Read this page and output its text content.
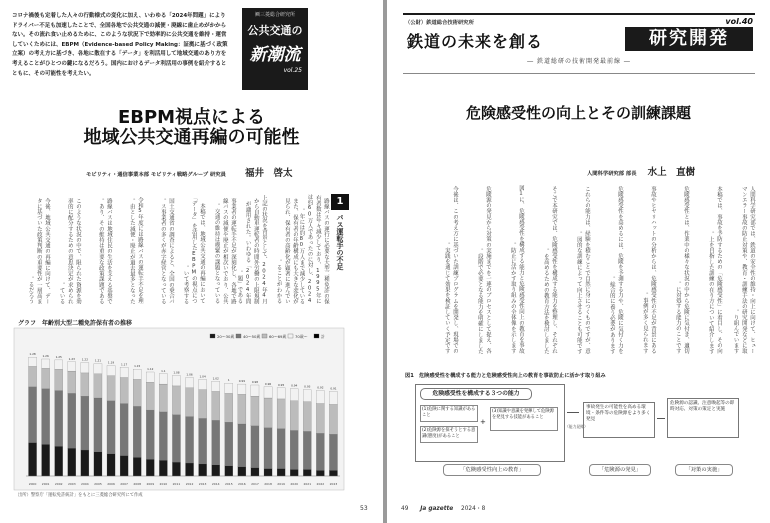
コロナ禍後も定着した人々の行動様式の変化に加え、いわゆる「2024年問題」によりドライバー不足も加速したことで、全国各地で公共交通の減便・廃線に歯止めがかからない。その流れ食い止めるために、このような状況下で効率的に公共交通を維持・運営していくためには、EBPM（Evidence-based Policy Making：証拠に基づく政策立案）の考え方に基づき、各地に散在する「データ」を利活用して地域交通のあり方を考えることがひとつの鍵になるだろう。国内におけるデータ利活用の事例を紹介するとともに、その可能性を考えたい。
㈱三菱総合研究所
公共交通の
新潮流
vol.25
EBPM視点による
地域公共交通再編の可能性
モビリティ・通信事業本部 モビリティ戦略グループ 研究員 福井　啓太
路線バスの運行に必要な大型二種免許の保有者数は年々減少しており、1995年には約60万人であったのに対し、2024年には約80万人まで減少している。また、保有者の年齢構成にも大きな変化が見られ、保有者の高齢化が顕著に進んでいることがわかる。上記の状況を背景として、2024年4月から自動車運転者の時間外労働の上限規制が適用された。いわゆる「2024年問題」である。事業者の運転手不足が深刻化し、各地で路線バスの減便や廃止が相次いでおり、公共交通の維持は喫緊の課題となっている。本稿では、地域公共交通の再編において「データ」を活用したEBPMの視点について考察する。国土交通省の調査によると、全国の乗合バス事業者の多くが赤字経営となっている。令和5年度には路線バスの運転手不足を理由とした減便・廃止が過去最多となった。路線バスは地域住民の生活を支える基盤であり、その維持は重要な政策課題である。このような状況の中で、限られた資源を効率的に配分するための意思決定が求められている。今後、地域公共交通の再編に向けて、データに基づいた政策判断の重要性が一層高まるだろう。
1
バス運転手の不足
グラフ　年齢別大型二種免許保有者の推移
20～30歳 40～50歳 60～69歳 70歳～	計
1.28
2000
1.26
2001
1.25
2002
1.23
2003
1.22
2004
1.21
2005
1.19
2006
1.17
2007
1.15
2008
1.12
2009
1.1
2010
1.08
2011
1.06
2012
1.04
2013
1.02
2014
1
2015
0.99
2016
0.98
2017
0.96
2018
0.95
2019
0.94
2020
0.93
2021
0.92
2022
0.91
2023
出所）警察庁「運転免許統計」をもとに三菱総合研究所にて作成
53
（公財）鉄道総合技術研究所	vol.40
鉄道の未来を創る	研究開発
― 鉄道総研の技術開発最前線 ―
危険感受性の向上とその訓練課題
人間科学研究部 部長 水上　直樹
人間科学研究部では、鉄道の安全性の維持・向上に向けて、ヒューマンエラー事故の防止対策や、教育・訓練手法の研究開発などに取り組んでいます。本稿では、事故を予防するための「危険感受性」に着目し、その向上を目指した訓練の在り方について紹介します。危険感受性とは、作業中の様々な状況の中から危険に気付き、適切に対処する能力のことです。事故やヒヤリハットの分析からは、危険感受性の不足が背景にある事例が多く見られます。危険感受性を高めるには、危険を予測する力や、危険に気付く力を総合的に養う必要があります。これらの能力は、経験を積むことで自然に身につくものですが、意図的な訓練によって向上させることも可能です。そこで本研究では、危険感受性を構成する能力を整理し、それぞれを高めるための教育方法を検討しました。図1に、危険感受性を構成する能力と危険感受性向上の教育を事故防止に活かす取り組みの全体像を示します。危険源の発見から対策の実施までを一連のプロセスとして捉え、各段階で必要となる能力を明確にしました。今後は、この考え方に基づいた訓練プログラムを開発し、現場での実践を通じて効果を検証していく予定です。
図1　危険感受性を構成する能力と危険感受性向上の教育を事故防止に活かす取り組み
危険感受性を構成する３つの能力
(1)危険に関する知識があること
(2)危険源を探そうとする意識(態度)があること
+
(3)知識や意識を発揮して危険源を発見する技能があること
（能力発揮）
事故発生の可能性を高める環境・条件等の危険源をより多く発見
危険源の認識、注意喚起等の即時対応、対策の策定と実施
「危険感受性向上の教育」	「危険源の発見」	「対策の実施」
49 Ja gazette 2024・8
